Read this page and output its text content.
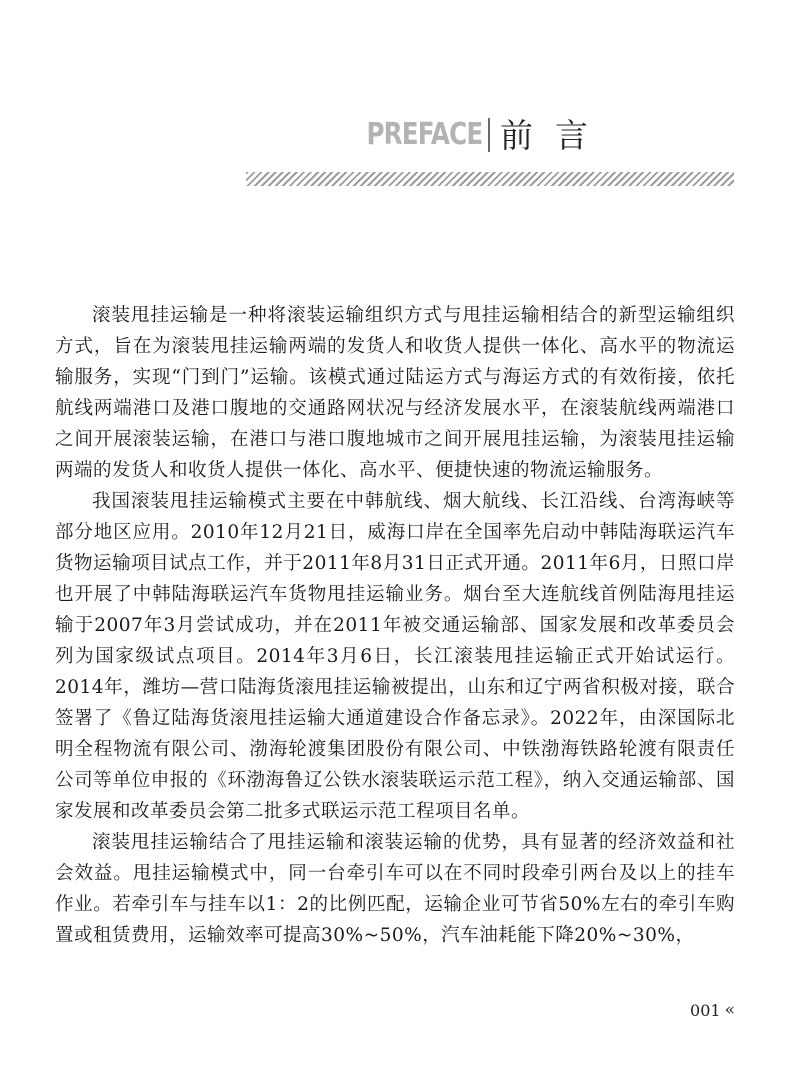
PREFACE 前言

滚装甩挂运输是一种将滚装运输组织方式与甩挂运输相结合的新型运输组织方式，旨在为滚装甩挂运输两端的发货人和收货人提供一体化、高水平的物流运输服务，实现“门到门”运输。该模式通过陆运方式与海运方式的有效衔接，依托航线两端港口及港口腹地的交通路网状况与经济发展水平，在滚装航线两端港口之间开展滚装运输，在港口与港口腹地城市之间开展甩挂运输，为滚装甩挂运输两端的发货人和收货人提供一体化、高水平、便捷快速的物流运输服务。

我国滚装甩挂运输模式主要在中韩航线、烟大航线、长江沿线、台湾海峡等部分地区应用。2010年12月21日，威海口岸在全国率先启动中韩陆海联运汽车货物运输项目试点工作，并于2011年8月31日正式开通。2011年6月，日照口岸也开展了中韩陆海联运汽车货物甩挂运输业务。烟台至大连航线首例陆海甩挂运输于2007年3月尝试成功，并在2011年被交通运输部、国家发展和改革委员会列为国家级试点项目。2014年3月6日，长江滚装甩挂运输正式开始试运行。2014年，潍坊—营口陆海货滚甩挂运输被提出，山东和辽宁两省积极对接，联合签署了《鲁辽陆海货滚甩挂运输大通道建设合作备忘录》。2022年，由深国际北明全程物流有限公司、渤海轮渡集团股份有限公司、中铁渤海铁路轮渡有限责任公司等单位申报的《环渤海鲁辽公铁水滚装联运示范工程》，纳入交通运输部、国家发展和改革委员会第二批多式联运示范工程项目名单。

滚装甩挂运输结合了甩挂运输和滚装运输的优势，具有显著的经济效益和社会效益。甩挂运输模式中，同一台牵引车可以在不同时段牵引两台及以上的挂车作业。若牵引车与挂车以1：2的比例匹配，运输企业可节省50%左右的牵引车购置或租赁费用，运输效率可提高30%~50%，汽车油耗能下降20%~30%，

001 «
